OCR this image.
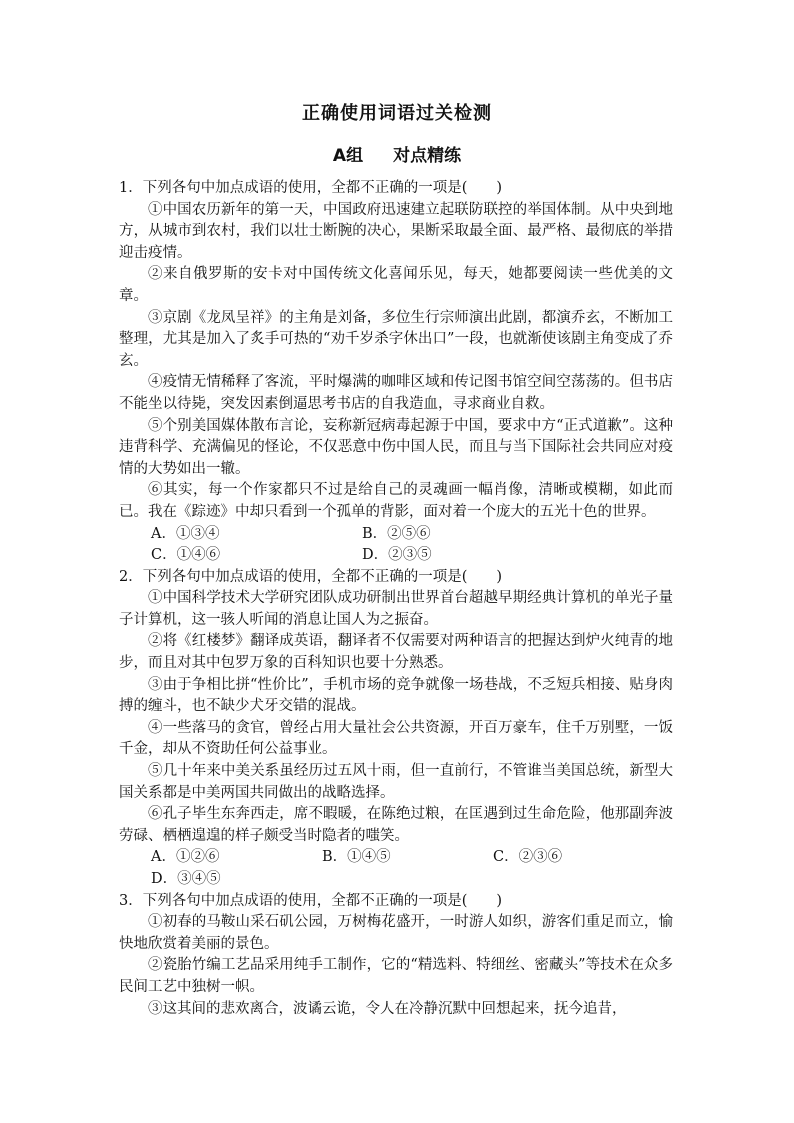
正确使用词语过关检测
A组 对点精练

1．下列各句中加点成语的使用，全都不正确的一项是(　　)

①中国农历新年的第一天，中国政府迅速建立起联防联控的举国体制。从中央到地方，从城市到农村，我们以壮士断腕的决心，果断采取最全面、最严格、最彻底的举措迎击疫情。

②来自俄罗斯的安卡对中国传统文化喜闻乐见，每天，她都要阅读一些优美的文章。

③京剧《龙凤呈祥》的主角是刘备，多位生行宗师演出此剧，都演乔玄，不断加工整理，尤其是加入了炙手可热的“劝千岁杀字休出口”一段，也就渐使该剧主角变成了乔玄。

④疫情无情稀释了客流，平时爆满的咖啡区域和传记图书馆空间空荡荡的。但书店不能坐以待毙，突发因素倒逼思考书店的自我造血，寻求商业自救。

⑤个别美国媒体散布言论，妄称新冠病毒起源于中国，要求中方“正式道歉”。这种违背科学、充满偏见的怪论，不仅恶意中伤中国人民，而且与当下国际社会共同应对疫情的大势如出一辙。

⑥其实，每一个作家都只不过是给自己的灵魂画一幅肖像，清晰或模糊，如此而已。我在《踪迹》中却只看到一个孤单的背影，面对着一个庞大的五光十色的世界。

A．①③④	B．②⑤⑥
C．①④⑥	D．②③⑤

2．下列各句中加点成语的使用，全都不正确的一项是(　　)

①中国科学技术大学研究团队成功研制出世界首台超越早期经典计算机的单光子量子计算机，这一骇人听闻的消息让国人为之振奋。

②将《红楼梦》翻译成英语，翻译者不仅需要对两种语言的把握达到炉火纯青的地步，而且对其中包罗万象的百科知识也要十分熟悉。

③由于争相比拼“性价比”，手机市场的竞争就像一场巷战，不乏短兵相接、贴身肉搏的缠斗，也不缺少犬牙交错的混战。

④一些落马的贪官，曾经占用大量社会公共资源，开百万豪车，住千万别墅，一饭千金，却从不资助任何公益事业。

⑤几十年来中美关系虽经历过五风十雨，但一直前行，不管谁当美国总统，新型大国关系都是中美两国共同做出的战略选择。

⑥孔子毕生东奔西走，席不暇暖，在陈绝过粮，在匡遇到过生命危险，他那副奔波劳碌、栖栖遑遑的样子颇受当时隐者的嗤笑。

A．①②⑥	B．①④⑤	C．②③⑥
D．③④⑤

3．下列各句中加点成语的使用，全都不正确的一项是(　　)

①初春的马鞍山采石矶公园，万树梅花盛开，一时游人如织，游客们重足而立，愉快地欣赏着美丽的景色。

②瓷胎竹编工艺品采用纯手工制作，它的“精选料、特细丝、密藏头”等技术在众多民间工艺中独树一帜。

③这其间的悲欢离合，波谲云诡，令人在冷静沉默中回想起来，抚今追昔，
